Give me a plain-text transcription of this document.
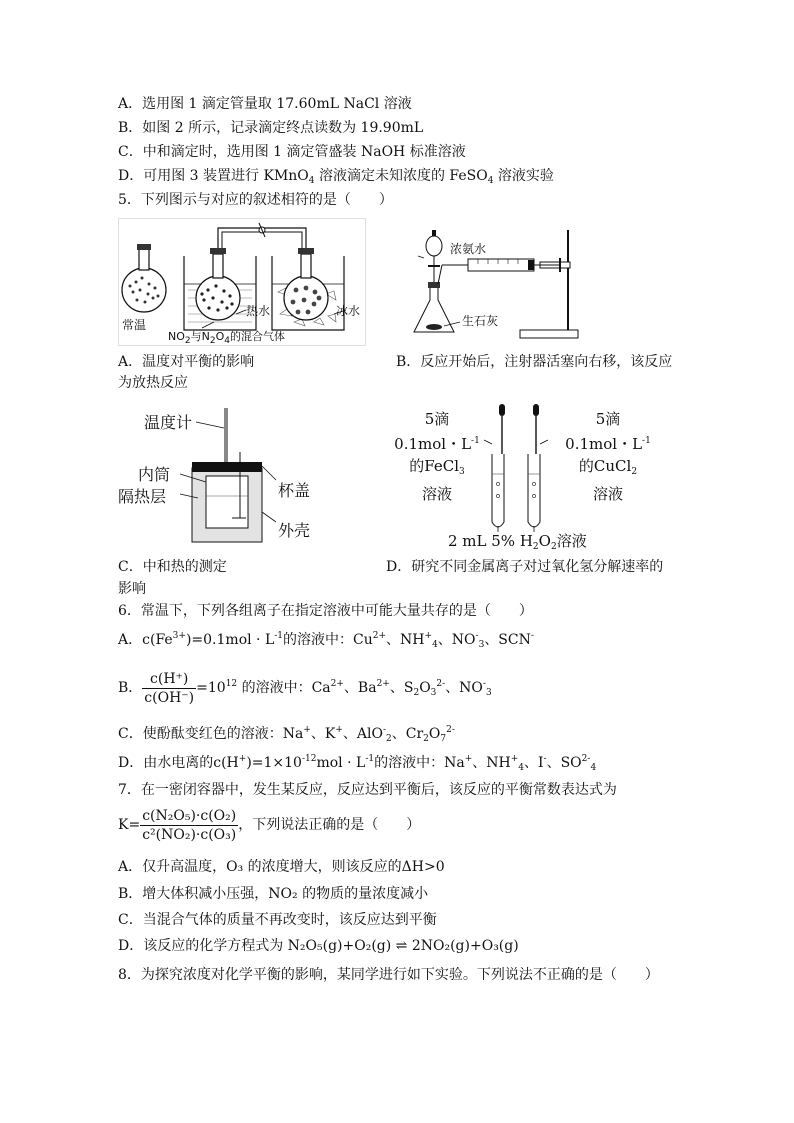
A．选用图 1 滴定管量取 17.60mL NaCl 溶液
B．如图 2 所示，记录滴定终点读数为 19.90mL
C．中和滴定时，选用图 1 滴定管盛装 NaOH 标准溶液
D．可用图 3 装置进行 KMnO$_4$ 溶液滴定未知浓度的 FeSO$_4$ 溶液实验
5．下列图示与对应的叙述相符的是（　　）
常温
热水	冰水
$NO_2$与$N_2O_4$的混合气体
浓氨水
生石灰
A．温度对平衡的影响	B．反应开始后，注射器活塞向右移，该反应
为放热反应
温度计
内筒
隔热层	杯盖
外壳
5滴
0.1mol・$L^{-1}$
的FeCl$_3$
溶液
5滴
0.1mol・$L^{-1}$
的CuCl$_2$
溶液
2 mL 5% $H_2O_2$溶液
C．中和热的测定	D．研究不同金属离子对过氧化氢分解速率的
影响
6．常温下，下列各组离子在指定溶液中可能大量共存的是（　　）
A．$c(Fe^{3+})=0.1mol \cdot L^{-1}$的溶液中：$Cu^{2+}$、$NH^+_4$、$NO^-_3$、SCN-
B． $\frac{c(H^+)}{c(OH^-)} =10^{12}$ 的溶液中：$Ca^{2+}$、$Ba^{2+}$、$S_2O_3^{2-}$、$NO^-_3$
C．使酚酞变红色的溶液：Na+、K+、AlO-$_2$、$Cr_2O_7^{2-}$
D．由水电离的$c(H^+)=1\times 10^{-12}mol \cdot L^{-1}$的溶液中：Na+、$NH^+_4$、I-、$SO^{2-}_4$
7．在一密闭容器中，发生某反应，反应达到平衡后，该反应的平衡常数表达式为
$K= \frac{\text{c(N₂O₅)·c(O₂)}}{\text{c²(NO₂)·c(O₃)}}$ ，下列说法正确的是（　　）
A．仅升高温度，O₃ 的浓度增大，则该反应的ΔH>0
B．增大体积减小压强，NO₂ 的物质的量浓度减小
C．当混合气体的质量不再改变时，该反应达到平衡
D．该反应的化学方程式为 N₂O₅(g)+O₂(g) ⇌ 2NO₂(g)+O₃(g)
8．为探究浓度对化学平衡的影响，某同学进行如下实验。下列说法不正确的是（　　）
